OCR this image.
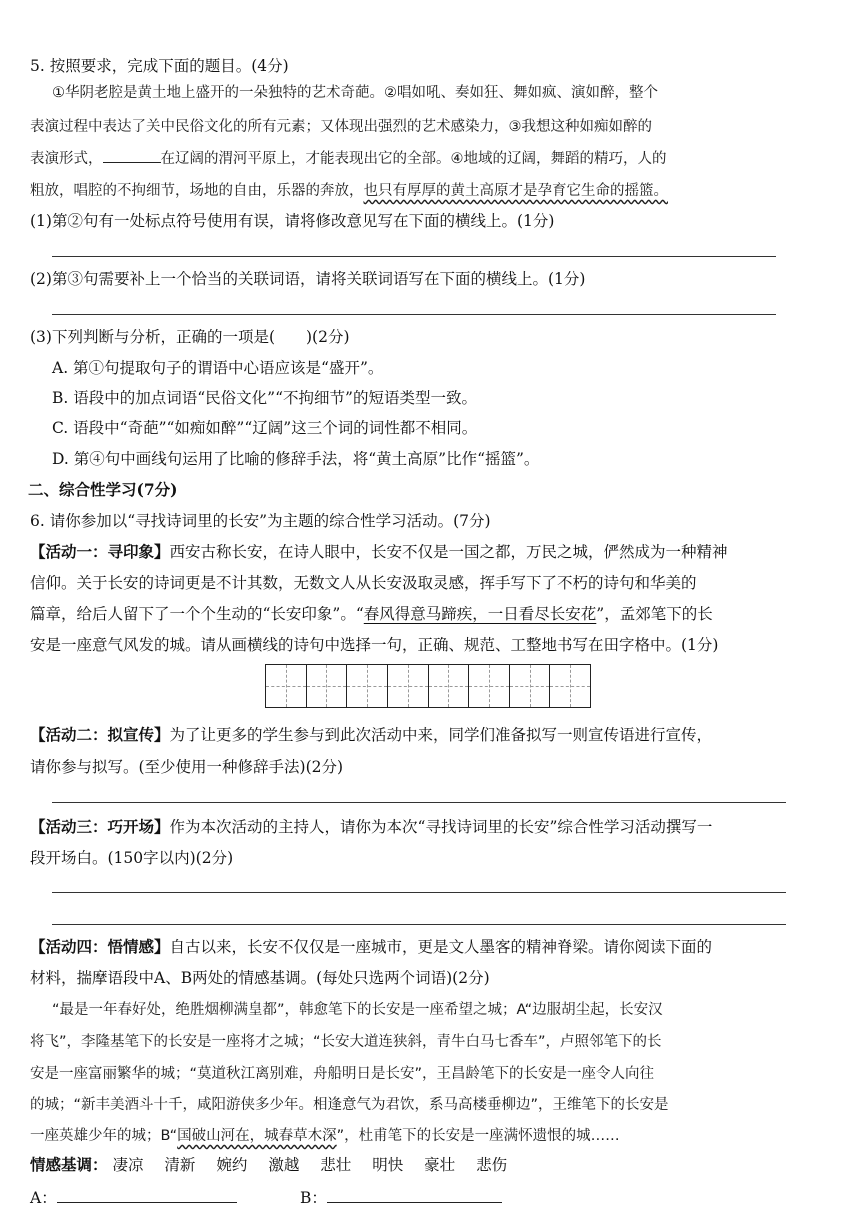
5. 按照要求，完成下面的题目。(4分)
①华阴老腔是黄土地上盛开的一朵独特的艺术奇葩。②唱如吼、奏如狂、舞如疯、演如醉，整个
表演过程中表达了关中民俗文化的所有元素；又体现出强烈的艺术感染力，③我想这种如痴如醉的
表演形式，	在辽阔的渭河平原上，才能表现出它的全部。④地域的辽阔，舞蹈的精巧，人的
粗放，唱腔的不拘细节，场地的自由，乐器的奔放，也只有厚厚的黄土高原才是孕育它生命的摇篮。
(1)第②句有一处标点符号使用有误，请将修改意见写在下面的横线上。(1分)
(2)第③句需要补上一个恰当的关联词语，请将关联词语写在下面的横线上。(1分)
(3)下列判断与分析，正确的一项是(　　)(2分)
A. 第①句提取句子的谓语中心语应该是“盛开”。
B. 语段中的加点词语“民俗文化”“不拘细节”的短语类型一致。
C. 语段中“奇葩”“如痴如醉”“辽阔”这三个词的词性都不相同。
D. 第④句中画线句运用了比喻的修辞手法，将“黄土高原”比作“摇篮”。
二、综合性学习(7分)
6. 请你参加以“寻找诗词里的长安”为主题的综合性学习活动。(7分)
【活动一：寻印象】西安古称长安，在诗人眼中，长安不仅是一国之都，万民之城，俨然成为一种精神
信仰。关于长安的诗词更是不计其数，无数文人从长安汲取灵感，挥手写下了不朽的诗句和华美的
篇章，给后人留下了一个个生动的“长安印象”。“春风得意马蹄疾，一日看尽长安花”，孟郊笔下的长
安是一座意气风发的城。请从画横线的诗句中选择一句，正确、规范、工整地书写在田字格中。(1分)
【活动二：拟宣传】为了让更多的学生参与到此次活动中来，同学们准备拟写一则宣传语进行宣传，
请你参与拟写。(至少使用一种修辞手法)(2分)
【活动三：巧开场】作为本次活动的主持人，请你为本次“寻找诗词里的长安”综合性学习活动撰写一
段开场白。(150字以内)(2分)
【活动四：悟情感】自古以来，长安不仅仅是一座城市，更是文人墨客的精神脊梁。请你阅读下面的
材料，揣摩语段中A、B两处的情感基调。(每处只选两个词语)(2分)
“最是一年春好处，绝胜烟柳满皇都”，韩愈笔下的长安是一座希望之城；A“边服胡尘起，长安汉
将飞”，李隆基笔下的长安是一座将才之城；“长安大道连狭斜，青牛白马七香车”，卢照邻笔下的长
安是一座富丽繁华的城；“莫道秋江离别难，舟船明日是长安”，王昌龄笔下的长安是一座令人向往
的城；“新丰美酒斗十千，咸阳游侠多少年。相逢意气为君饮，系马高楼垂柳边”，王维笔下的长安是
一座英雄少年的城；B“国破山河在，城春草木深”，杜甫笔下的长安是一座满怀遗恨的城……
情感基调： 凄凉 清新 婉约 激越 悲壮 明快 豪壮 悲伤
A：	B：
